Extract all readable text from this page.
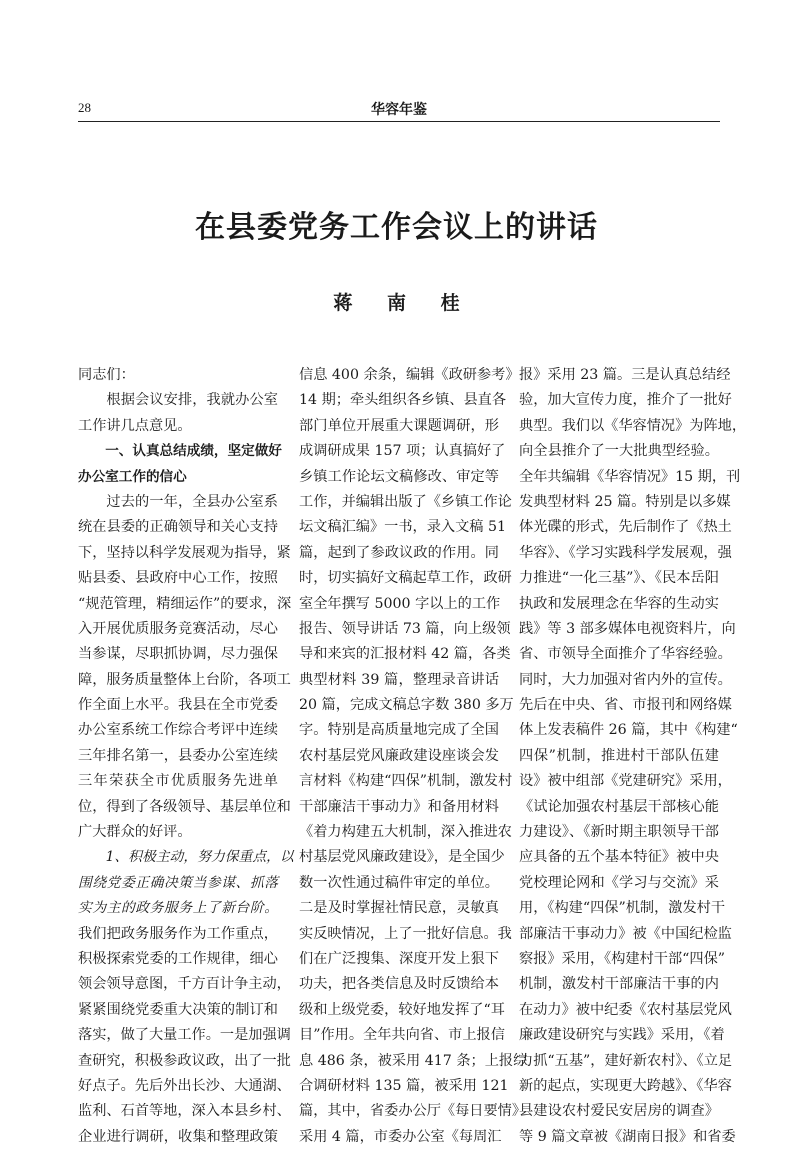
28	华容年鉴
在县委党务工作会议上的讲话
蒋 南 桂
同志们：
根据会议安排，我就办公室
工作讲几点意见。
一、认真总结成绩，坚定做好
办公室工作的信心
过去的一年，全县办公室系
统在县委的正确领导和关心支持
下，坚持以科学发展观为指导，紧
贴县委、县政府中心工作，按照
“规范管理，精细运作”的要求，深
入开展优质服务竞赛活动，尽心
当参谋，尽职抓协调，尽力强保
障，服务质量整体上台阶，各项工
作全面上水平。我县在全市党委
办公室系统工作综合考评中连续
三年排名第一，县委办公室连续
三年荣获全市优质服务先进单
位，得到了各级领导、基层单位和
广大群众的好评。
1、积极主动，努力保重点，以
围绕党委正确决策当参谋、抓落
实为主的政务服务上了新台阶。
我们把政务服务作为工作重点，
积极探索党委的工作规律，细心
领会领导意图，千方百计争主动，
紧紧围绕党委重大决策的制订和
落实，做了大量工作。一是加强调
查研究，积极参政议政，出了一批
好点子。先后外出长沙、大通湖、
监利、石首等地，深入本县乡村、
企业进行调研，收集和整理政策
信息 400 余条，编辑《政研参考》
14 期；牵头组织各乡镇、县直各
部门单位开展重大课题调研，形
成调研成果 157 项；认真搞好了
乡镇工作论坛文稿修改、审定等
工作，并编辑出版了《乡镇工作论
坛文稿汇编》一书，录入文稿 51
篇，起到了参政议政的作用。同
时，切实搞好文稿起草工作，政研
室全年撰写 5000 字以上的工作
报告、领导讲话 73 篇，向上级领
导和来宾的汇报材料 42 篇，各类
典型材料 39 篇，整理录音讲话
20 篇，完成文稿总字数 380 多万
字。特别是高质量地完成了全国
农村基层党风廉政建设座谈会发
言材料《构建“四保”机制，激发村
干部廉洁干事动力》和备用材料
《着力构建五大机制，深入推进农
村基层党风廉政建设》，是全国少
数一次性通过稿件审定的单位。
二是及时掌握社情民意，灵敏真
实反映情况，上了一批好信息。我
们在广泛搜集、深度开发上狠下
功夫，把各类信息及时反馈给本
级和上级党委，较好地发挥了“耳
目”作用。全年共向省、市上报信
息 486 条，被采用 417 条；上报综
合调研材料 135 篇，被采用 121
篇，其中，省委办公厅《每日要情》
采用 4 篇，市委办公室《每周汇
报》采用 23 篇。三是认真总结经
验，加大宣传力度，推介了一批好
典型。我们以《华容情况》为阵地，
向全县推介了一大批典型经验。
全年共编辑《华容情况》15 期，刊
发典型材料 25 篇。特别是以多媒
体光碟的形式，先后制作了《热土
华容》、《学习实践科学发展观，强
力推进“一化三基”》、《民本岳阳
执政和发展理念在华容的生动实
践》等 3 部多媒体电视资料片，向
省、市领导全面推介了华容经验。
同时，大力加强对省内外的宣传。
先后在中央、省、市报刊和网络媒
体上发表稿件 26 篇，其中《构建“
四保”机制，推进村干部队伍建
设》被中组部《党建研究》采用，
《试论加强农村基层干部核心能
力建设》、《新时期主职领导干部
应具备的五个基本特征》被中央
党校理论网和《学习与交流》采
用，《构建“四保”机制，激发村干
部廉洁干事动力》被《中国纪检监
察报》采用，《构建村干部“四保”
机制，激发村干部廉洁干事的内
在动力》被中纪委《农村基层党风
廉政建设研究与实践》采用，《着
力抓“五基”，建好新农村》、《立足
新的起点，实现更大跨越》、《华容
县建设农村爱民安居房的调查》
等 9 篇文章被《湖南日报》和省委
